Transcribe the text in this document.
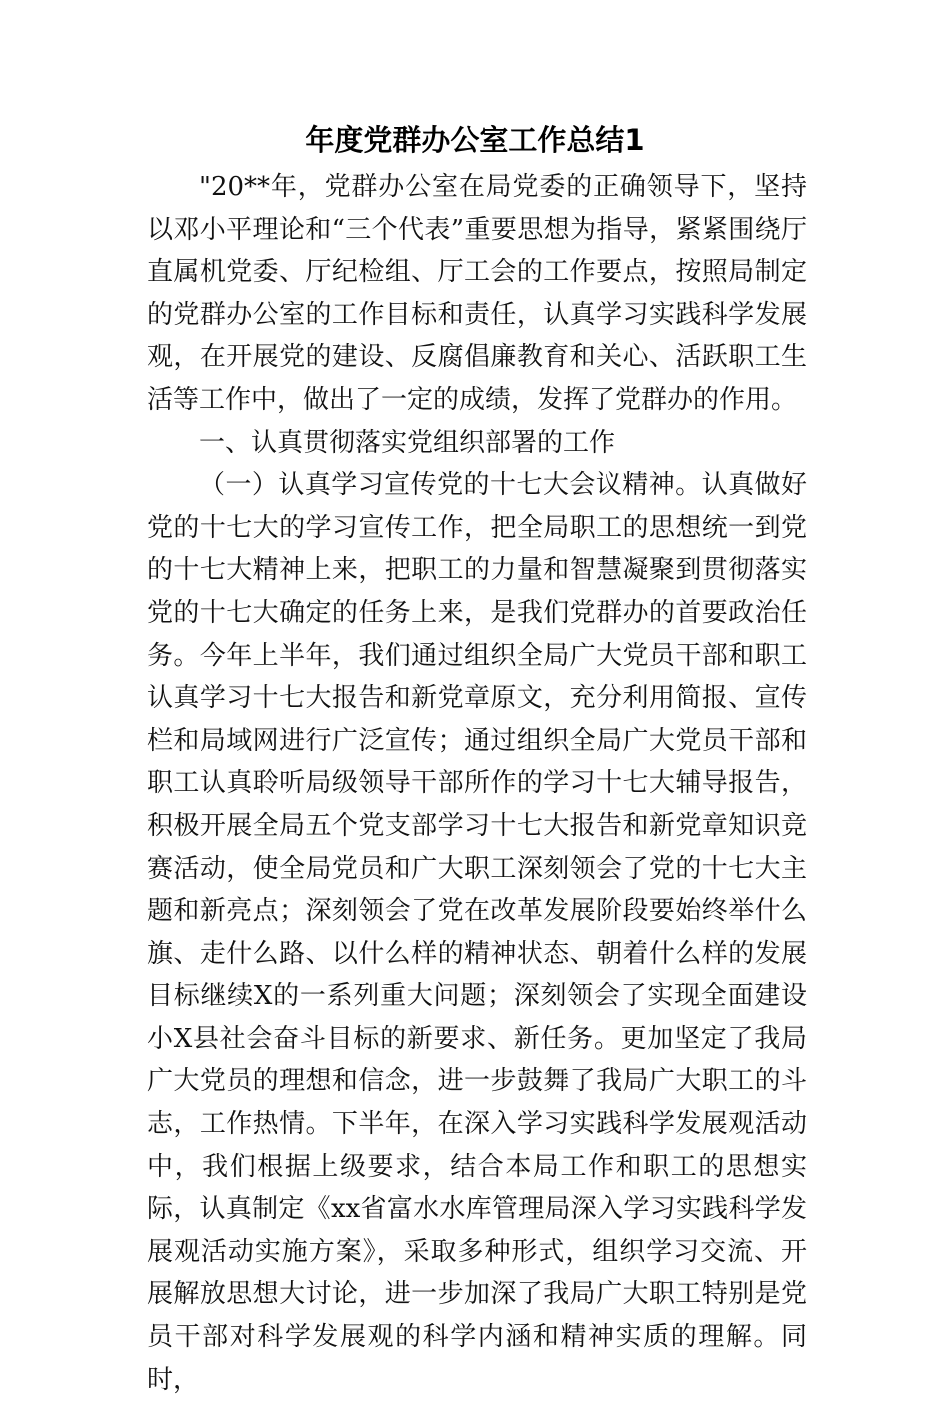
年度党群办公室工作总结1

"20**年，党群办公室在局党委的正确领导下，坚持以邓小平理论和“三个代表”重要思想为指导，紧紧围绕厅直属机党委、厅纪检组、厅工会的工作要点，按照局制定的党群办公室的工作目标和责任，认真学习实践科学发展观，在开展党的建设、反腐倡廉教育和关心、活跃职工生活等工作中，做出了一定的成绩，发挥了党群办的作用。

一、认真贯彻落实党组织部署的工作

（一）认真学习宣传党的十七大会议精神。认真做好党的十七大的学习宣传工作，把全局职工的思想统一到党的十七大精神上来，把职工的力量和智慧凝聚到贯彻落实党的十七大确定的任务上来，是我们党群办的首要政治任务。今年上半年，我们通过组织全局广大党员干部和职工认真学习十七大报告和新党章原文，充分利用简报、宣传栏和局域网进行广泛宣传；通过组织全局广大党员干部和职工认真聆听局级领导干部所作的学习十七大辅导报告，积极开展全局五个党支部学习十七大报告和新党章知识竞赛活动，使全局党员和广大职工深刻领会了党的十七大主题和新亮点；深刻领会了党在改革发展阶段要始终举什么旗、走什么路、以什么样的精神状态、朝着什么样的发展目标继续X的一系列重大问题；深刻领会了实现全面建设小X县社会奋斗目标的新要求、新任务。更加坚定了我局广大党员的理想和信念，进一步鼓舞了我局广大职工的斗志，工作热情。下半年，在深入学习实践科学发展观活动中，我们根据上级要求，结合本局工作和职工的思想实际，认真制定《xx省富水水库管理局深入学习实践科学发展观活动实施方案》，采取多种形式，组织学习交流、开展解放思想大讨论，进一步加深了我局广大职工特别是党员干部对科学发展观的科学内涵和精神实质的理解。同时，
